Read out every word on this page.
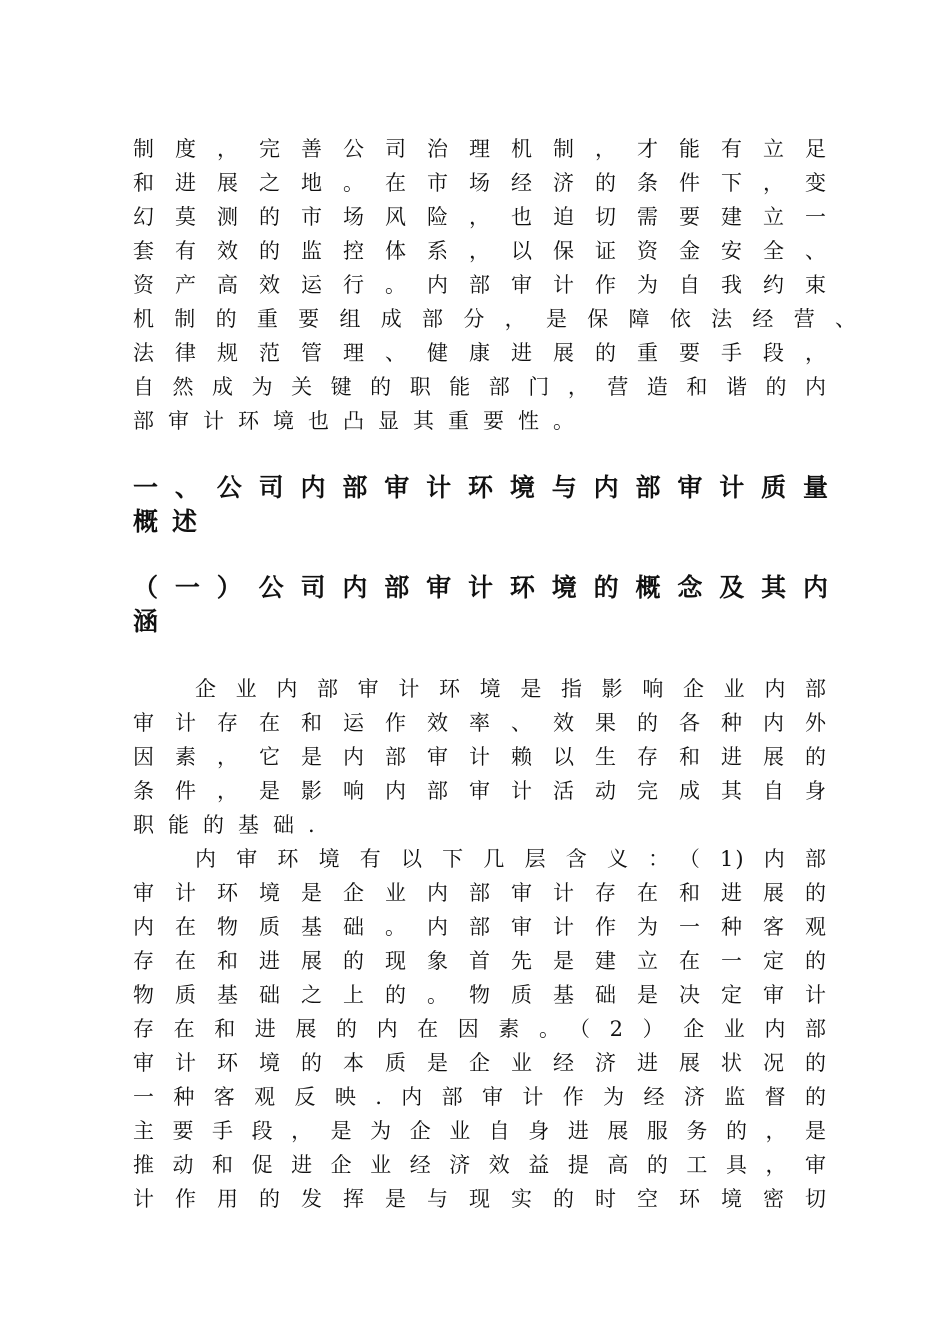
制度，完善公司治理机制，才能有立足
和进展之地。在市场经济的条件下，变
幻莫测的市场风险，也迫切需要建立一
套有效的监控体系，以保证资金安全、
资产高效运行。内部审计作为自我约束
机制的重要组成部分，是保障依法经营、
法律规范管理、健康进展的重要手段，
自然成为关键的职能部门，营造和谐的内
部审计环境也凸显其重要性。
一、公司内部审计环境与内部审计质量
概述
（一）公司内部审计环境的概念及其内
涵
企业内部审计环境是指影响企业内部
审计存在和运作效率、效果的各种内外
因素，它是内部审计赖以生存和进展的
条件，是影响内部审计活动完成其自身
职能的基础.
内审环境有以下几层含义：（1)内部
审计环境是企业内部审计存在和进展的
内在物质基础。内部审计作为一种客观
存在和进展的现象首先是建立在一定的
物质基础之上的。物质基础是决定审计
存在和进展的内在因素。（2）企业内部
审计环境的本质是企业经济进展状况的
一种客观反映.内部审计作为经济监督的
主要手段，是为企业自身进展服务的，是
推动和促进企业经济效益提高的工具，审
计作用的发挥是与现实的时空环境密切
